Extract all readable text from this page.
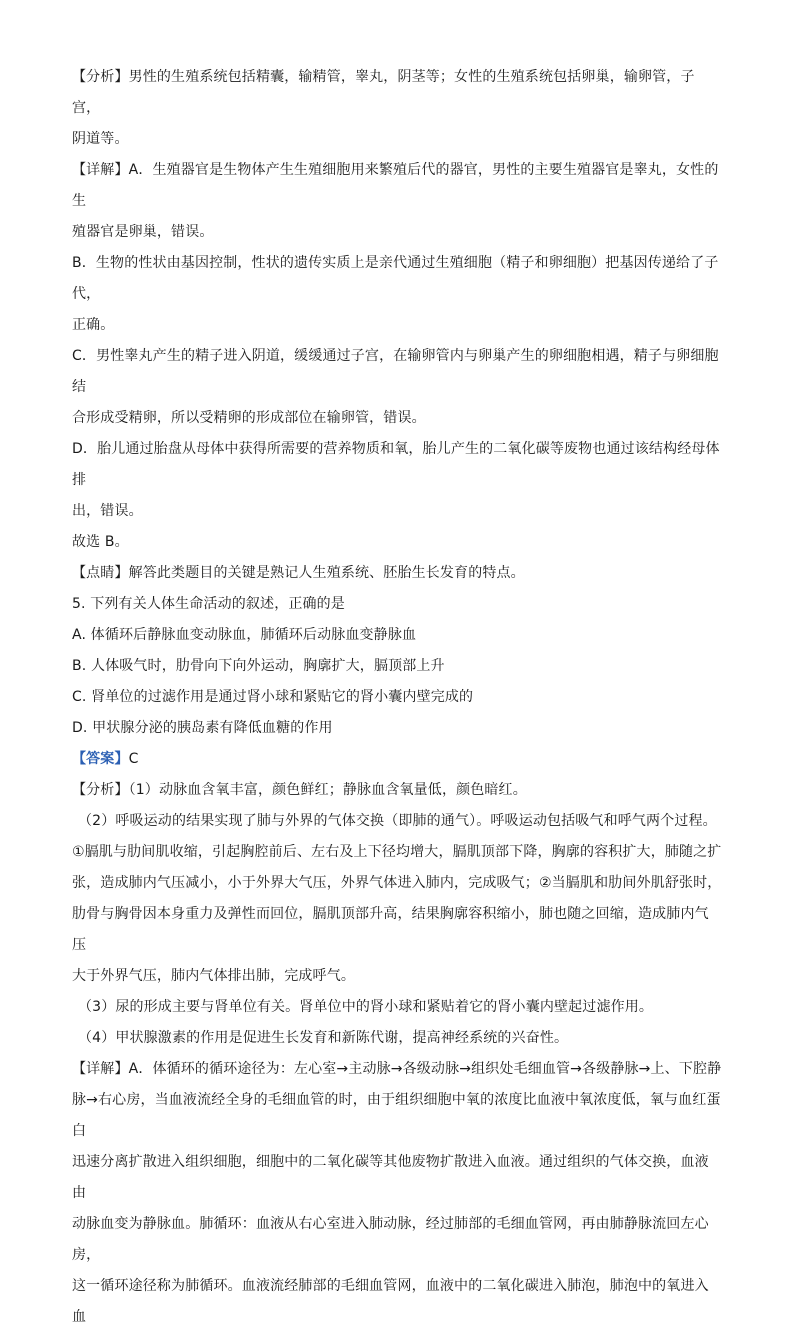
【分析】男性的生殖系统包括精囊，输精管，睾丸，阴茎等；女性的生殖系统包括卵巢，输卵管，子宫，
阴道等。

【详解】A．生殖器官是生物体产生生殖细胞用来繁殖后代的器官，男性的主要生殖器官是睾丸，女性的生
殖器官是卵巢，错误。

B．生物的性状由基因控制，性状的遗传实质上是亲代通过生殖细胞（精子和卵细胞）把基因传递给了子代，
正确。

C．男性睾丸产生的精子进入阴道，缓缓通过子宫，在输卵管内与卵巢产生的卵细胞相遇，精子与卵细胞结
合形成受精卵，所以受精卵的形成部位在输卵管，错误。

D．胎儿通过胎盘从母体中获得所需要的营养物质和氧，胎儿产生的二氧化碳等废物也通过该结构经母体排
出，错误。

故选 B。

【点睛】解答此类题目的关键是熟记人生殖系统、胚胎生长发育的特点。

5. 下列有关人体生命活动的叙述，正确的是

A. 体循环后静脉血变动脉血，肺循环后动脉血变静脉血

B. 人体吸气时，肋骨向下向外运动，胸廓扩大，膈顶部上升

C. 肾单位的过滤作用是通过肾小球和紧贴它的肾小囊内壁完成的

D. 甲状腺分泌的胰岛素有降低血糖的作用

【答案】C

【分析】（1）动脉血含氧丰富，颜色鲜红；静脉血含氧量低，颜色暗红。

（2）呼吸运动的结果实现了肺与外界的气体交换（即肺的通气）。呼吸运动包括吸气和呼气两个过程。

①膈肌与肋间肌收缩，引起胸腔前后、左右及上下径均增大，膈肌顶部下降，胸廓的容积扩大，肺随之扩
张，造成肺内气压减小，小于外界大气压，外界气体进入肺内，完成吸气；②当膈肌和肋间外肌舒张时，
肋骨与胸骨因本身重力及弹性而回位，膈肌顶部升高，结果胸廓容积缩小，肺也随之回缩，造成肺内气压
大于外界气压，肺内气体排出肺，完成呼气。

（3）尿的形成主要与肾单位有关。肾单位中的肾小球和紧贴着它的肾小囊内壁起过滤作用。

（4）甲状腺激素的作用是促进生长发育和新陈代谢，提高神经系统的兴奋性。

【详解】A．体循环的循环途径为：左心室→主动脉→各级动脉→组织处毛细血管→各级静脉→上、下腔静
脉→右心房，当血液流经全身的毛细血管的时，由于组织细胞中氧的浓度比血液中氧浓度低，氧与血红蛋白
迅速分离扩散进入组织细胞，细胞中的二氧化碳等其他废物扩散进入血液。通过组织的气体交换，血液由
动脉血变为静脉血。肺循环：血液从右心室进入肺动脉，经过肺部的毛细血管网，再由肺静脉流回左心房，
这一循环途径称为肺循环。血液流经肺部的毛细血管网，血液中的二氧化碳进入肺泡，肺泡中的氧进入血
